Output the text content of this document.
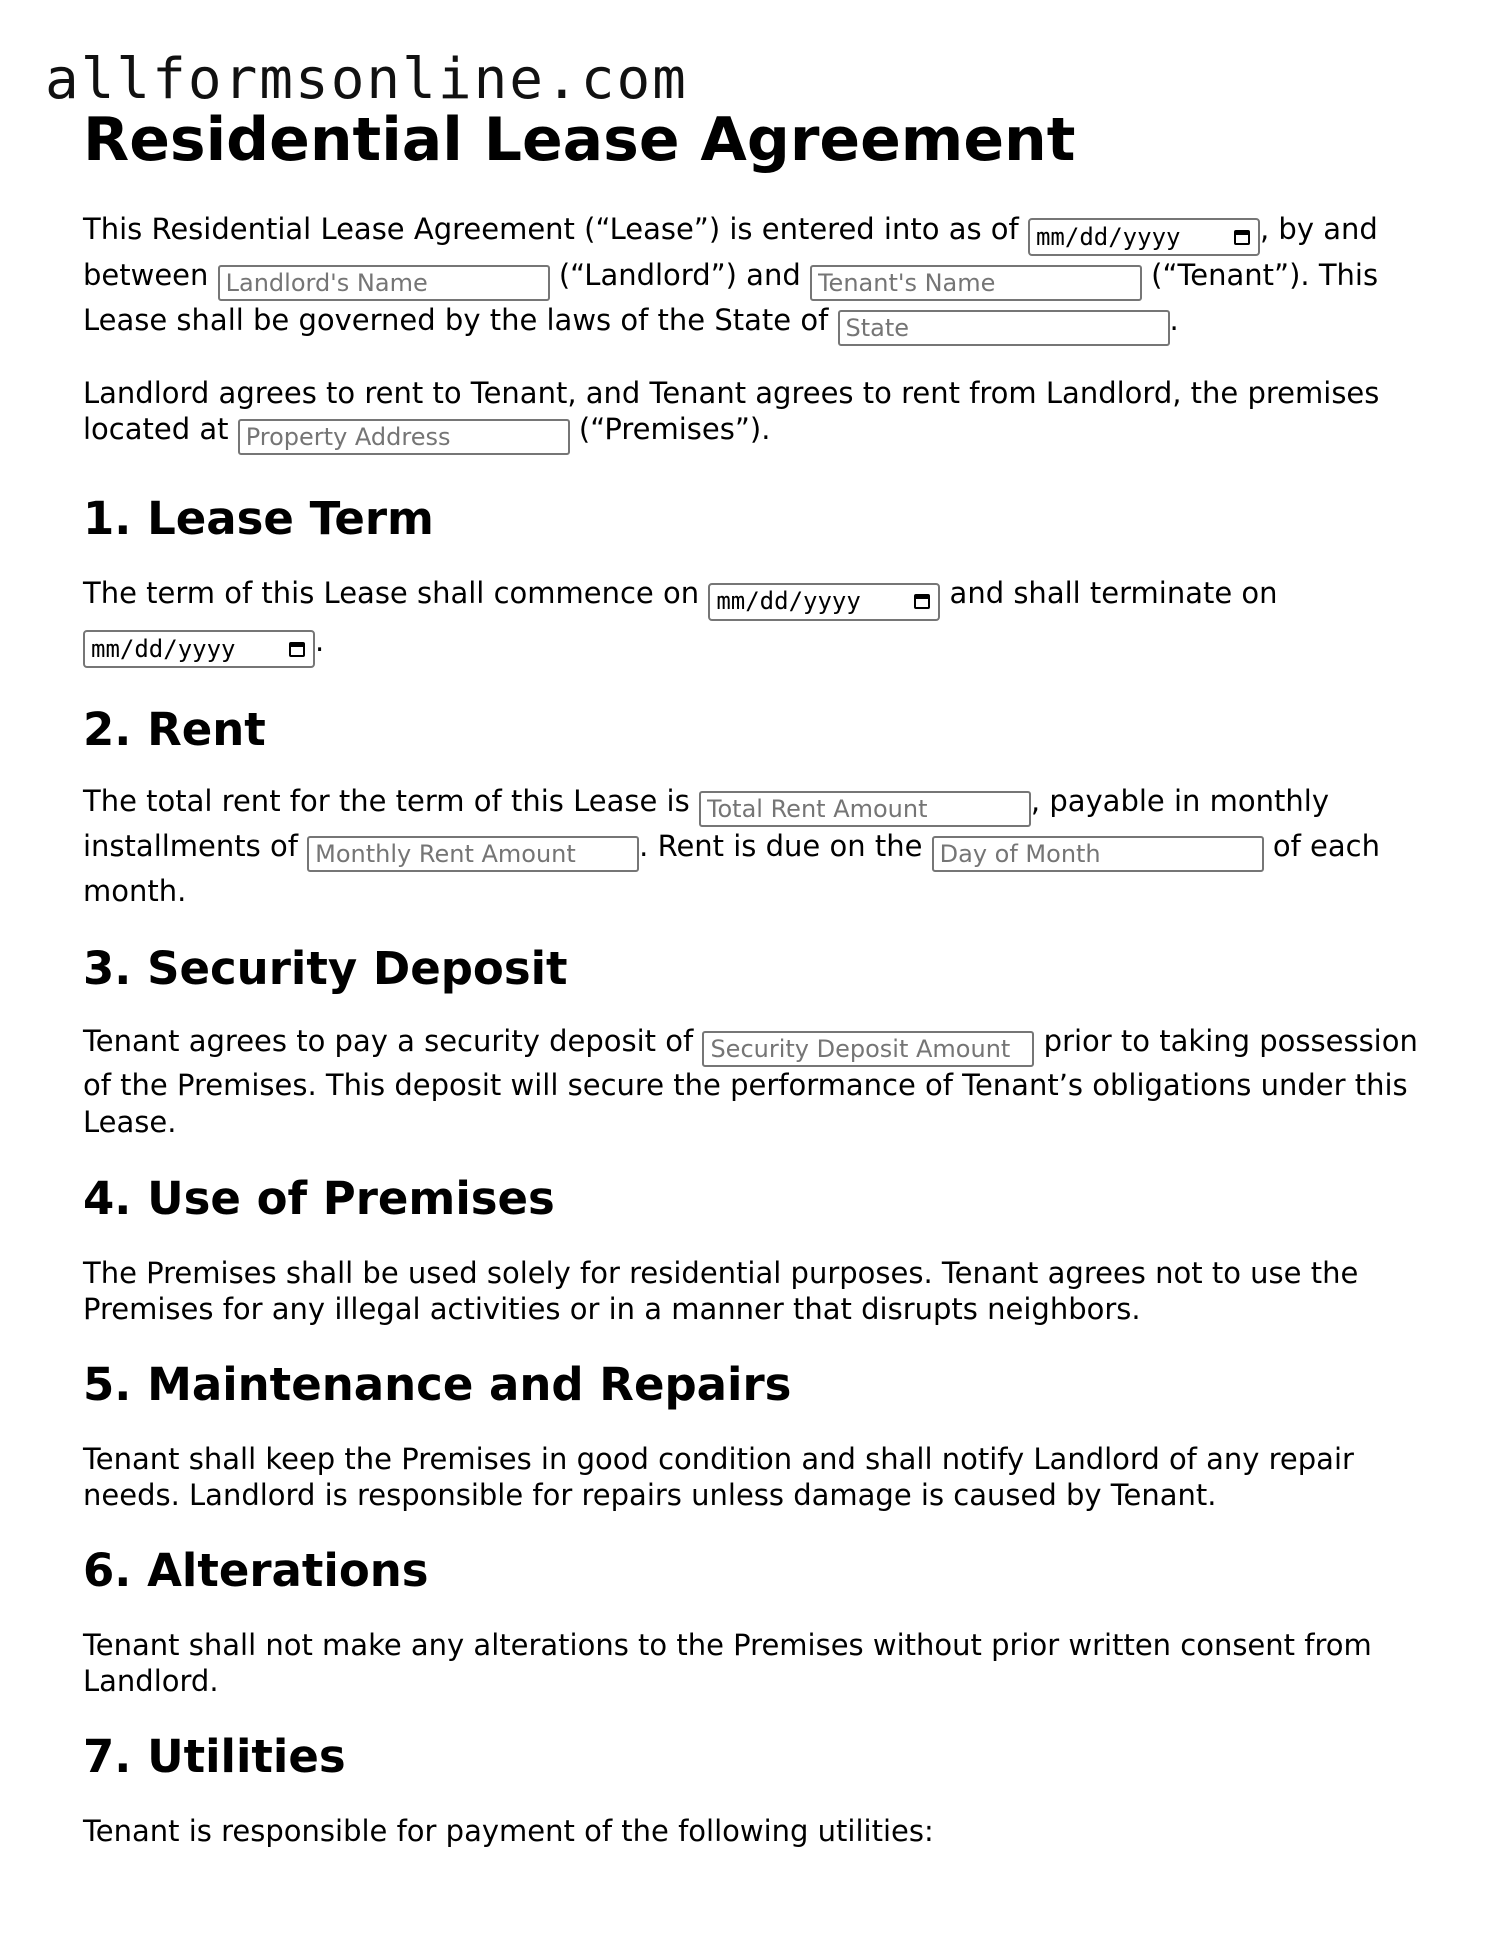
allformsonline.com
Residential Lease Agreement

This Residential Lease Agreement (“Lease”) is entered into as of mm/dd/yyyy	, by and between Landlord's Name	(“Landlord”) and Tenant's Name	(“Tenant”). This Lease shall be governed by the laws of the State of State	.

Landlord agrees to rent to Tenant, and Tenant agrees to rent from Landlord, the premises located at Property Address	(“Premises”).

1. Lease Term

The term of this Lease shall commence on mm/dd/yyyy	and shall terminate on
mm/dd/yyyy	.

2. Rent

The total rent for the term of this Lease is Total Rent Amount	, payable in monthly installments of Monthly Rent Amount	. Rent is due on the Day of Month	of each month.

3. Security Deposit

Tenant agrees to pay a security deposit of Security Deposit Amount	prior to taking possession of the Premises. This deposit will secure the performance of Tenant’s obligations under this Lease.

4. Use of Premises

The Premises shall be used solely for residential purposes. Tenant agrees not to use the Premises for any illegal activities or in a manner that disrupts neighbors.

5. Maintenance and Repairs

Tenant shall keep the Premises in good condition and shall notify Landlord of any repair needs. Landlord is responsible for repairs unless damage is caused by Tenant.

6. Alterations

Tenant shall not make any alterations to the Premises without prior written consent from Landlord.

7. Utilities

Tenant is responsible for payment of the following utilities:
